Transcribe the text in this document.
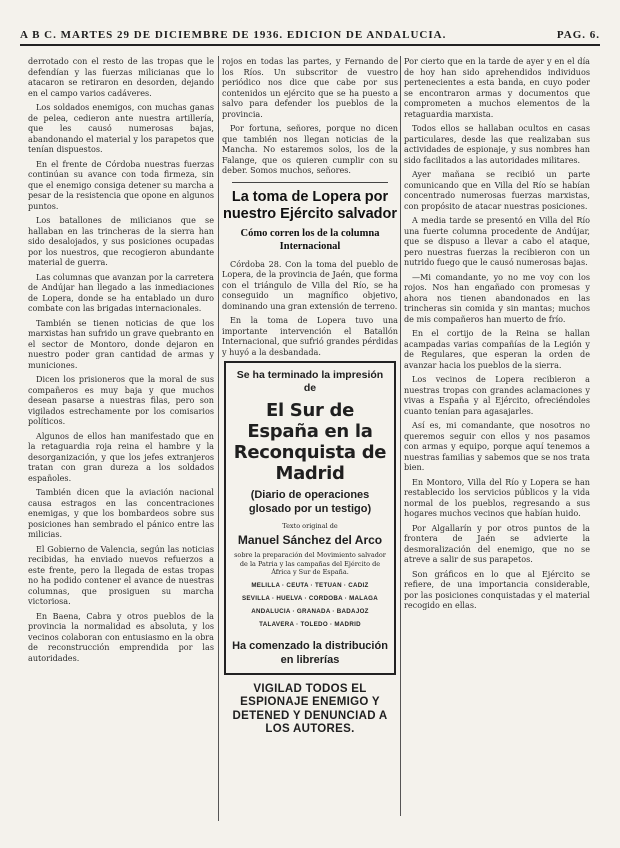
A B C. MARTES 29 DE DICIEMBRE DE 1936. EDICION DE ANDALUCIA.	PAG. 6.

derrotado con el resto de las tropas que le defendían y las fuerzas milicianas que lo atacaron se retiraron en desorden, dejando en el campo varios cadáveres.

Los soldados enemigos, con muchas ganas de pelea, cedieron ante nuestra artillería, que les causó numerosas bajas, abandonando el material y los parapetos que tenían dispuestos.

En el frente de Córdoba nuestras fuerzas continúan su avance con toda firmeza, sin que el enemigo consiga detener su marcha a pesar de la resistencia que opone en algunos puntos.

Los batallones de milicianos que se hallaban en las trincheras de la sierra han sido desalojados, y sus posiciones ocupadas por los nuestros, que recogieron abundante material de guerra.

Las columnas que avanzan por la carretera de Andújar han llegado a las inmediaciones de Lopera, donde se ha entablado un duro combate con las brigadas internacionales.

También se tienen noticias de que los marxistas han sufrido un grave quebranto en el sector de Montoro, donde dejaron en nuestro poder gran cantidad de armas y municiones.

Dicen los prisioneros que la moral de sus compañeros es muy baja y que muchos desean pasarse a nuestras filas, pero son vigilados estrechamente por los comisarios políticos.

Algunos de ellos han manifestado que en la retaguardia roja reina el hambre y la desorganización, y que los jefes extranjeros tratan con gran dureza a los soldados españoles.

También dicen que la aviación nacional causa estragos en las concentraciones enemigas, y que los bombardeos sobre sus posiciones han sembrado el pánico entre las milicias.

El Gobierno de Valencia, según las noticias recibidas, ha enviado nuevos refuerzos a este frente, pero la llegada de estas tropas no ha podido contener el avance de nuestras columnas, que prosiguen su marcha victoriosa.

En Baena, Cabra y otros pueblos de la provincia la normalidad es absoluta, y los vecinos colaboran con entusiasmo en la obra de reconstrucción emprendida por las autoridades.

rojos en todas las partes, y Fernando de los Ríos. Un subscritor de vuestro periódico nos dice que cabe por sus contenidos un ejército que se ha puesto a salvo para defender los pueblos de la provincia.

Por fortuna, señores, porque no dicen que también nos llegan noticias de la Mancha. No estaremos solos, los de la Falange, que os quieren cumplir con su deber. Somos muchos, señores.

La toma de Lopera por nuestro Ejército salvador
Cómo corren los de la columna Internacional

Córdoba 28. Con la toma del pueblo de Lopera, de la provincia de Jaén, que forma con el triángulo de Villa del Río, se ha conseguido un magnífico objetivo, dominando una gran extensión de terreno.

En la toma de Lopera tuvo una importante intervención el Batallón Internacional, que sufrió grandes pérdidas y huyó a la desbandada.

Se ha terminado la impresión de
El Sur de España en la Reconquista de Madrid
(Diario de operaciones glosado por un testigo)
Texto original de
Manuel Sánchez del Arco
sobre la preparación del Movimiento salvador de la Patria y las campañas del Ejército de África y Sur de España.
MELILLA · CEUTA · TETUAN · CADIZ
SEVILLA · HUELVA · CORDOBA · MALAGA
ANDALUCIA · GRANADA · BADAJOZ
TALAVERA · TOLEDO · MADRID
Ha comenzado la distribución en librerías
VIGILAD TODOS EL ESPIONAJE ENEMIGO Y DETENED Y DENUNCIAD A LOS AUTORES.

Por cierto que en la tarde de ayer y en el día de hoy han sido aprehendidos individuos pertenecientes a esta banda, en cuyo poder se encontraron armas y documentos que comprometen a muchos elementos de la retaguardia marxista.

Todos ellos se hallaban ocultos en casas particulares, desde las que realizaban sus actividades de espionaje, y sus nombres han sido facilitados a las autoridades militares.

Ayer mañana se recibió un parte comunicando que en Villa del Río se habían concentrado numerosas fuerzas marxistas, con propósito de atacar nuestras posiciones.

A media tarde se presentó en Villa del Río una fuerte columna procedente de Andújar, que se dispuso a llevar a cabo el ataque, pero nuestras fuerzas la recibieron con un nutrido fuego que le causó numerosas bajas.

—Mi comandante, yo no me voy con los rojos. Nos han engañado con promesas y ahora nos tienen abandonados en las trincheras sin comida y sin mantas; muchos de mis compañeros han muerto de frío.

En el cortijo de la Reina se hallan acampadas varias compañías de la Legión y de Regulares, que esperan la orden de avanzar hacia los pueblos de la sierra.

Los vecinos de Lopera recibieron a nuestras tropas con grandes aclamaciones y vivas a España y al Ejército, ofreciéndoles cuanto tenían para agasajarles.

Así es, mi comandante, que nosotros no queremos seguir con ellos y nos pasamos con armas y equipo, porque aquí tenemos a nuestras familias y sabemos que se nos trata bien.

En Montoro, Villa del Río y Lopera se han restablecido los servicios públicos y la vida normal de los pueblos, regresando a sus hogares muchos vecinos que habían huido.

Por Algallarín y por otros puntos de la frontera de Jaén se advierte la desmoralización del enemigo, que no se atreve a salir de sus parapetos.

Son gráficos en lo que al Ejército se refiere, de una importancia considerable, por las posiciones conquistadas y el material recogido en ellas.
